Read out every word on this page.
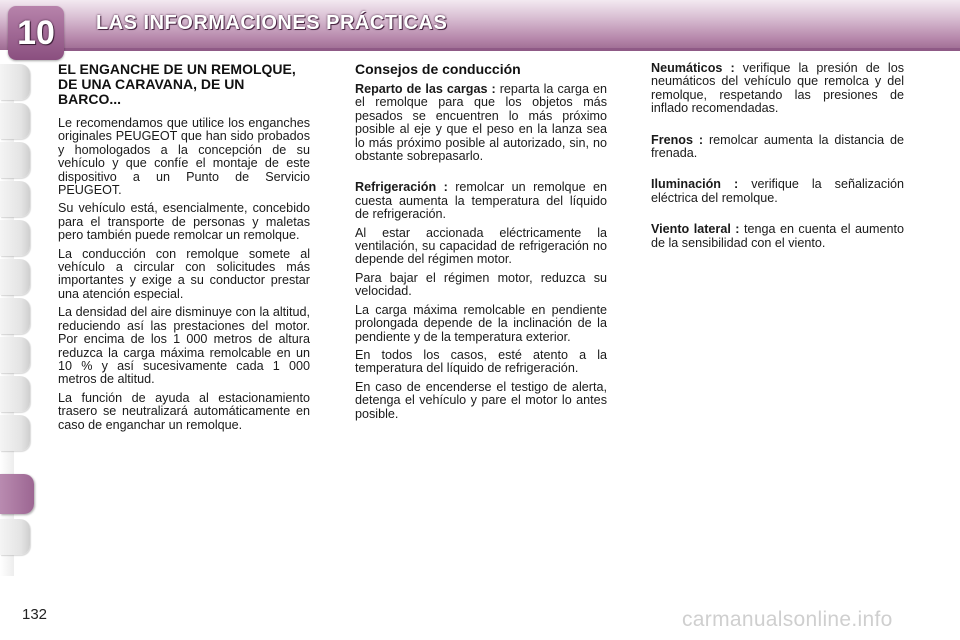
10 LAS INFORMACIONES PRÁCTICAS
EL ENGANCHE DE UN REMOLQUE, DE UNA CARAVANA, DE UN BARCO...

Le recomendamos que utilice los enganches originales PEUGEOT que han sido probados y homologados a la concepción de su vehículo y que confíe el montaje de este dispositivo a un Punto de Servicio PEUGEOT.

Su vehículo está, esencialmente, concebido para el transporte de personas y maletas pero también puede remolcar un remolque.

La conducción con remolque somete al vehículo a circular con solicitudes más importantes y exige a su conductor prestar una atención especial.

La densidad del aire disminuye con la altitud, reduciendo así las prestaciones del motor. Por encima de los 1 000 metros de altura reduzca la carga máxima remolcable en un 10 % y así sucesivamente cada 1 000 metros de altitud.

La función de ayuda al estacionamiento trasero se neutralizará automáticamente en caso de enganchar un remolque.

Consejos de conducción

Reparto de las cargas : reparta la carga en el remolque para que los objetos más pesados se encuentren lo más próximo posible al eje y que el peso en la lanza sea lo más próximo posible al autorizado, sin, no obstante sobrepasarlo.

Refrigeración : remolcar un remolque en cuesta aumenta la temperatura del líquido de refrigeración.

Al estar accionada eléctricamente la ventilación, su capacidad de refrigeración no depende del régimen motor.

Para bajar el régimen motor, reduzca su velocidad.

La carga máxima remolcable en pendiente prolongada depende de la inclinación de la pendiente y de la temperatura exterior.

En todos los casos, esté atento a la temperatura del líquido de refrigeración.

En caso de encenderse el testigo de alerta, detenga el vehículo y pare el motor lo antes posible.

Neumáticos : verifique la presión de los neumáticos del vehículo que remolca y del remolque, respetando las presiones de inflado recomendadas.

Frenos : remolcar aumenta la distancia de frenada.

Iluminación : verifique la señalización eléctrica del remolque.

Viento lateral : tenga en cuenta el aumento de la sensibilidad con el viento.

132	carmanualsonline.info
